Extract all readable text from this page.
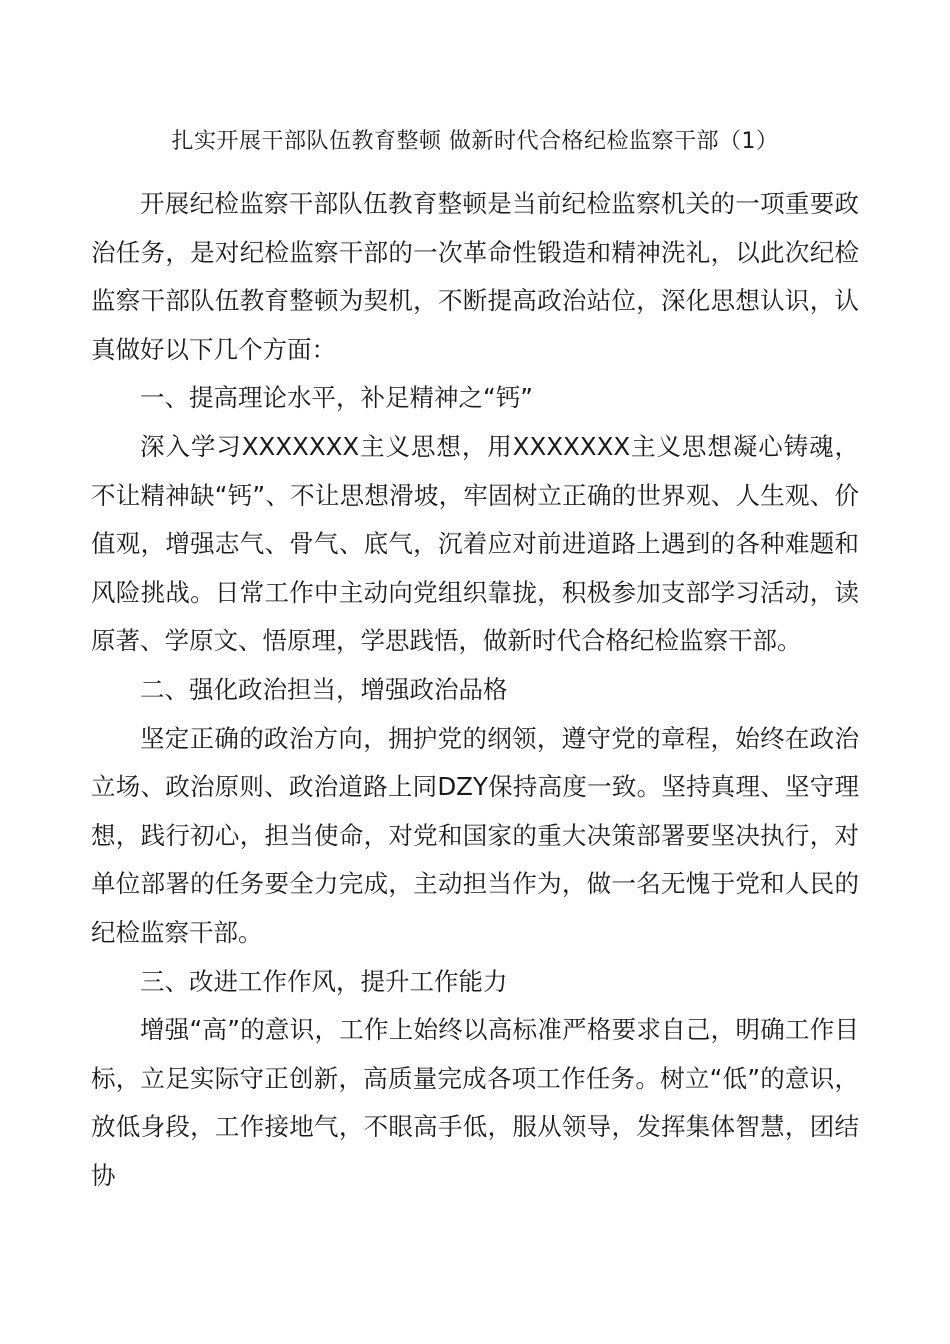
扎实开展干部队伍教育整顿 做新时代合格纪检监察干部（1）

开展纪检监察干部队伍教育整顿是当前纪检监察机关的一项重要政治任务，是对纪检监察干部的一次革命性锻造和精神洗礼，以此次纪检监察干部队伍教育整顿为契机，不断提高政治站位，深化思想认识，认真做好以下几个方面：

一、提高理论水平，补足精神之“钙”

深入学习XXXXXXX主义思想，用XXXXXXX主义思想凝心铸魂，不让精神缺“钙”、不让思想滑坡，牢固树立正确的世界观、人生观、价值观，增强志气、骨气、底气，沉着应对前进道路上遇到的各种难题和风险挑战。日常工作中主动向党组织靠拢，积极参加支部学习活动，读原著、学原文、悟原理，学思践悟，做新时代合格纪检监察干部。

二、强化政治担当，增强政治品格

坚定正确的政治方向，拥护党的纲领，遵守党的章程，始终在政治立场、政治原则、政治道路上同DZY保持高度一致。坚持真理、坚守理想，践行初心，担当使命，对党和国家的重大决策部署要坚决执行，对单位部署的任务要全力完成，主动担当作为，做一名无愧于党和人民的纪检监察干部。

三、改进工作作风，提升工作能力

增强“高”的意识，工作上始终以高标准严格要求自己，明确工作目标，立足实际守正创新，高质量完成各项工作任务。树立“低”的意识，放低身段，工作接地气，不眼高手低，服从领导，发挥集体智慧，团结协
